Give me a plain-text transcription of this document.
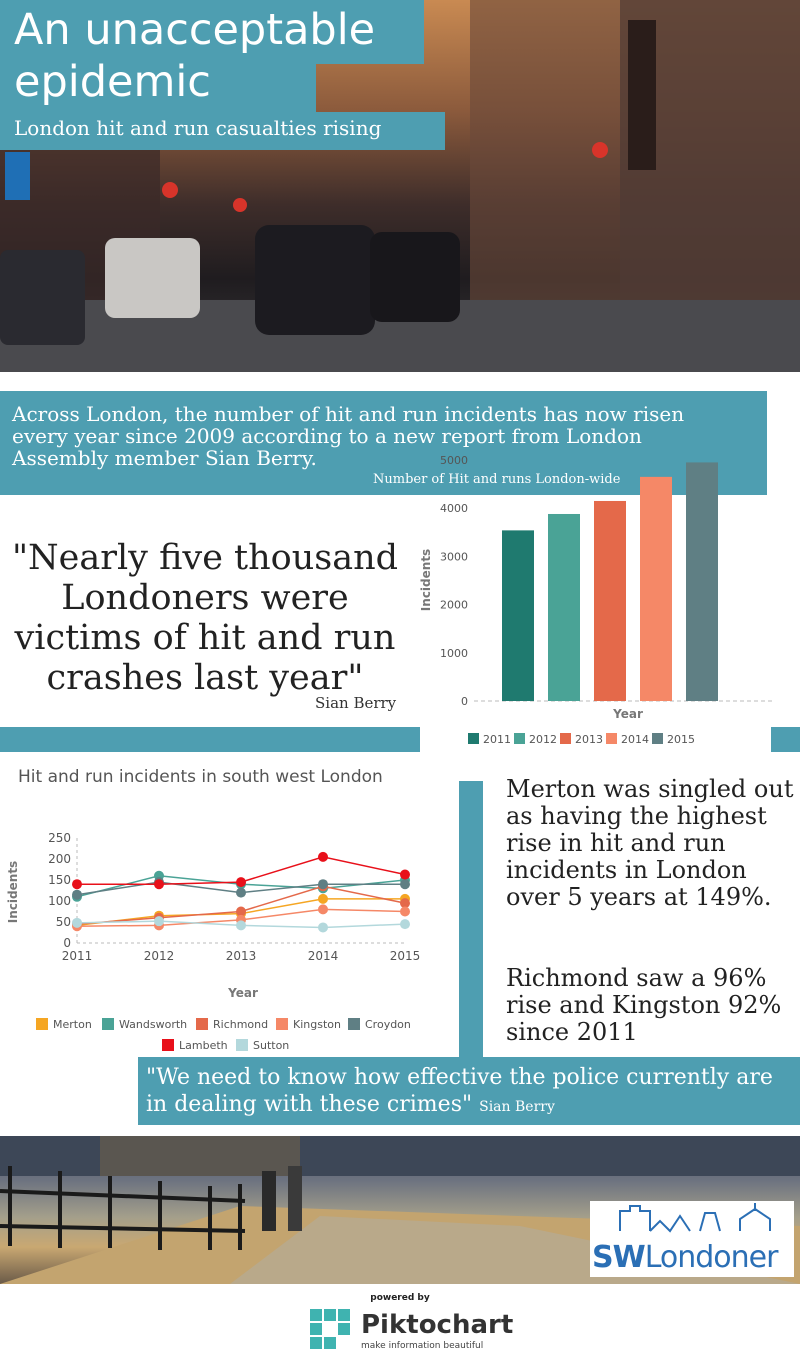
An unacceptable epidemic
London hit and run casualties rising
0
1000
2000
3000
4000
5000
Year
Incidents
2011 2012 2013 2014 2015
Across London, the number of hit and run incidents has now risen every year since 2009 according to a new report from London Assembly member Sian Berry.
Number of Hit and runs London-wide
"Nearly five thousand Londoners were victims of hit and run crashes last year"
Sian Berry
Hit and run incidents in south west London
0
50
100
150
200
250
2011	2012	2013	2014	2015
Year
Incidents
Merton Wandsworth Richmond Kingston Croydon
Lambeth Sutton
Merton was singled out as having the highest rise in hit and run incidents in London over 5 years at 149%.
Richmond saw a 96% rise and Kingston 92% since 2011
"We need to know how effective the police currently are in dealing with these crimes" Sian Berry
SWLondoner
powered by
Piktochart
make information beautiful
